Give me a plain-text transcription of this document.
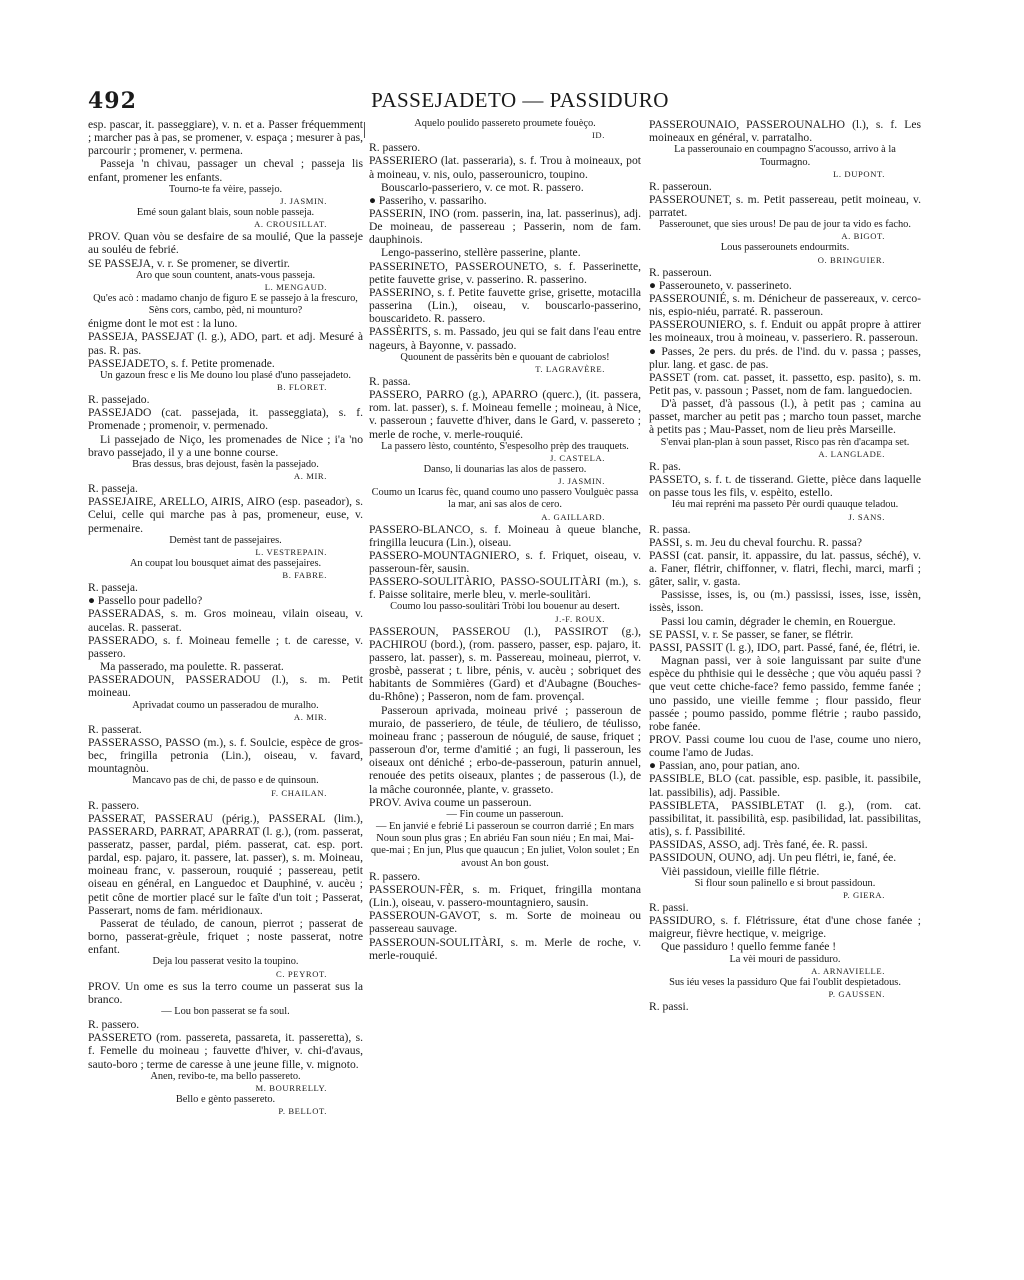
492	PASSEJADETO — PASSIDURO

esp. pascar, it. passeggiare), v. n. et a. Passer fréquemment ; marcher pas à pas, se promener, v. espaça ; mesurer à pas, parcourir ; promener, v. permena.

Passeja 'n chivau, passager un cheval ; passeja lis enfant, promener les enfants.

Tourno-te fa vèire, passejo.

J. JASMIN.

Emé soun galant blais, soun noble passeja.

A. CROUSILLAT.

PROV. Quan vòu se desfaire de sa moulié, Que la passeje au souléu de febrié.

SE PASSEJA, v. r. Se promener, se divertir.

Aro que soun countent, anats-vous passeja.

L. MENGAUD.

Qu'es acò : madamo chanjo de figuro E se passejo à la frescuro, Sèns cors, cambo, pèd, ni mounturo?

énigme dont le mot est : la luno.

PASSEJA, PASSEJAT (l. g.), ADO, part. et adj. Mesuré à pas. R. pas.

PASSEJADETO, s. f. Petite promenade.

Un gazoun fresc e lis Me douno lou plasé d'uno passejadeto.

B. FLORET.

R. passejado.

PASSEJADO (cat. passejada, it. passeggiata), s. f. Promenade ; promenoir, v. permenado.

Li passejado de Niço, les promenades de Nice ; i'a 'no bravo passejado, il y a une bonne course.

Bras dessus, bras dejoust, fasèn la passejado.

A. MIR.

R. passeja.

PASSEJAIRE, ARELLO, AIRIS, AIRO (esp. paseador), s. Celui, celle qui marche pas à pas, promeneur, euse, v. permenaire.

Demèst tant de passejaires.

L. VESTREPAIN.

An coupat lou bousquet aimat des passejaires.

B. FABRE.

R. passeja.

● Passello pour padello?

PASSERADAS, s. m. Gros moineau, vilain oiseau, v. aucelas. R. passerat.

PASSERADO, s. f. Moineau femelle ; t. de caresse, v. passero.

Ma passerado, ma poulette. R. passerat.

PASSERADOUN, PASSERADOU (l.), s. m. Petit moineau.

Aprivadat coumo un passeradou de muralho.

A. MIR.

R. passerat.

PASSERASSO, PASSO (m.), s. f. Soulcie, espèce de gros-bec, fringilla petronia (Lin.), oiseau, v. favard, mountagnòu.

Mancavo pas de chi, de passo e de quinsoun.

F. CHAILAN.

R. passero.

PASSERAT, PASSERAU (périg.), PASSERAL (lim.), PASSERARD, PARRAT, APARRAT (l. g.), (rom. passerat, passeratz, passer, pardal, piém. passerat, cat. esp. port. pardal, esp. pajaro, it. passere, lat. passer), s. m. Moineau, moineau franc, v. passeroun, rouquié ; passereau, petit oiseau en général, en Languedoc et Dauphiné, v. aucèu ; petit cône de mortier placé sur le faîte d'un toit ; Passerat, Passerart, noms de fam. méridionaux.

Passerat de téulado, de canoun, pierrot ; passerat de borno, passerat-grèule, friquet ; noste passerat, notre enfant.

Deja lou passerat vesito la toupino.

C. PEYROT.

PROV. Un ome es sus la terro coume un passerat sus la branco.

— Lou bon passerat se fa soul.

R. passero.

PASSERETO (rom. passereta, passareta, it. passeretta), s. f. Femelle du moineau ; fauvette d'hiver, v. chi-d'avaus, sauto-boro ; terme de caresse à une jeune fille, v. mignoto.

Anen, revibo-te, ma bello passereto.

M. BOURRELLY.

Bello e gènto passereto.

P. BELLOT.

Aquelo poulido passereto proumete fouèço.

ID.

R. passero.

PASSERIERO (lat. passeraria), s. f. Trou à moineaux, pot à moineau, v. nis, oulo, passerounicro, toupino.

Bouscarlo-passeriero, v. ce mot. R. passero.

● Passeriho, v. passariho.

PASSERIN, INO (rom. passerin, ina, lat. passerinus), adj. De moineau, de passereau ; Passerin, nom de fam. dauphinois.

Lengo-passerino, stellère passerine, plante.

PASSERINETO, PASSEROUNETO, s. f. Passerinette, petite fauvette grise, v. passerino. R. passerino.

PASSERINO, s. f. Petite fauvette grise, grisette, motacilla passerina (Lin.), oiseau, v. bouscarlo-passerino, bouscarideto. R. passero.

PASSÈRITS, s. m. Passado, jeu qui se fait dans l'eau entre nageurs, à Bayonne, v. passado.

Quounent de passèrits bèn e quouant de cabriolos!

T. LAGRAVÈRE.

R. passa.

PASSERO, PARRO (g.), APARRO (querc.), (it. passera, rom. lat. passer), s. f. Moineau femelle ; moineau, à Nice, v. passeroun ; fauvette d'hiver, dans le Gard, v. passereto ; merle de roche, v. merle-rouquié.

La passero lèsto, counténto, S'espesolho prèp des trauquets.

J. CASTELA.

Danso, li dounarias las alos de passero.

J. JASMIN.

Coumo un Icarus fèc, quand coumo uno passero Voulguèc passa la mar, ani sas alos de cero.

A. GAILLARD.

PASSERO-BLANCO, s. f. Moineau à queue blanche, fringilla leucura (Lin.), oiseau.

PASSERO-MOUNTAGNIERO, s. f. Friquet, oiseau, v. passeroun-fèr, sausin.

PASSERO-SOULITÀRIO, PASSO-SOULITÀRI (m.), s. f. Paisse solitaire, merle bleu, v. merle-soulitàri.

Coumo lou passo-soulitàri Tròbi lou bouenur au desert.

J.-F. ROUX.

PASSEROUN, PASSEROU (l.), PASSIROT (g.), PACHIROU (bord.), (rom. passero, passer, esp. pajaro, it. passero, lat. passer), s. m. Passereau, moineau, pierrot, v. grosbè, passerat ; t. libre, pénis, v. aucèu ; sobriquet des habitants de Sommières (Gard) et d'Aubagne (Bouches-du-Rhône) ; Passeron, nom de fam. provençal.

Passeroun aprivada, moineau privé ; passeroun de muraio, de passeriero, de téule, de téuliero, de téulisso, moineau franc ; passeroun de nóuguié, de sause, friquet ; passeroun d'or, terme d'amitié ; an fugi, li passeroun, les oiseaux ont déniché ; erbo-de-passeroun, paturin annuel, renouée des petits oiseaux, plantes ; de passerous (l.), de la mâche couronnée, plante, v. grasseto.

PROV. Aviva coume un passeroun.

— Fin coume un passeroun.

— En janvié e febrié Li passeroun se courron darrié ; En mars Noun soun plus gras ; En abriéu Fan soun niéu ; En mai, Mai-que-mai ; En jun, Plus que quaucun ; En juliet, Volon soulet ; En avoust An bon goust.

R. passero.

PASSEROUN-FÈR, s. m. Friquet, fringilla montana (Lin.), oiseau, v. passero-mountagniero, sausin.

PASSEROUN-GAVOT, s. m. Sorte de moineau ou passereau sauvage.

PASSEROUN-SOULITÀRI, s. m. Merle de roche, v. merle-rouquié.

PASSEROUNAIO, PASSEROUNALHO (l.), s. f. Les moineaux en général, v. parratalho.

La passerounaio en coumpagno S'acousso, arrivo à la Tourmagno.

L. DUPONT.

R. passeroun.

PASSEROUNET, s. m. Petit passereau, petit moineau, v. parratet.

Passerounet, que sies urous! De pau de jour ta vido es facho.

A. BIGOT.

Lous passerounets endourmits.

O. BRINGUIER.

R. passeroun.

● Passerouneto, v. passerineto.

PASSEROUNIÉ, s. m. Dénicheur de passereaux, v. cerco-nis, espio-niéu, parraté. R. passeroun.

PASSEROUNIERO, s. f. Enduit ou appât propre à attirer les moineaux, trou à moineau, v. passeriero. R. passeroun.

● Passes, 2e pers. du prés. de l'ind. du v. passa ; passes, plur. lang. et gasc. de pas.

PASSET (rom. cat. passet, it. passetto, esp. pasito), s. m. Petit pas, v. passoun ; Passet, nom de fam. languedocien.

D'à passet, d'à passous (l.), à petit pas ; camina au passet, marcher au petit pas ; marcho toun passet, marche à petits pas ; Mau-Passet, nom de lieu près Marseille.

S'envai plan-plan à soun passet, Risco pas rèn d'acampa set.

A. LANGLADE.

R. pas.

PASSETO, s. f. t. de tisserand. Giette, pièce dans laquelle on passe tous les fils, v. espèito, estello.

Iéu mai repréni ma passeto Pèr ourdi quauque teladou.

J. SANS.

R. passa.

PASSI, s. m. Jeu du cheval fourchu. R. passa?

PASSI (cat. pansir, it. appassire, du lat. passus, séché), v. a. Faner, flétrir, chiffonner, v. flatri, flechi, marci, marfi ; gâter, salir, v. gasta.

Passisse, isses, is, ou (m.) passissi, isses, isse, issèn, issès, isson.

Passi lou camin, dégrader le chemin, en Rouergue.

SE PASSI, v. r. Se passer, se faner, se flétrir.

PASSI, PASSIT (l. g.), IDO, part. Passé, fané, ée, flétri, ie.

Magnan passi, ver à soie languissant par suite d'une espèce du phthisie qui le dessèche ; que vòu aquéu passi ? que veut cette chiche-face? femo passido, femme fanée ; uno passido, une vieille femme ; flour passido, fleur passée ; poumo passido, pomme flétrie ; raubo passido, robe fanée.

PROV. Passi coume lou cuou de l'ase, coume uno niero, coume l'amo de Judas.

● Passian, ano, pour patian, ano.

PASSIBLE, BLO (cat. passible, esp. pasible, it. passibile, lat. passibilis), adj. Passible.

PASSIBLETA, PASSIBLETAT (l. g.), (rom. cat. passibilitat, it. passibilità, esp. pasibilidad, lat. passibilitas, atis), s. f. Passibilité.

PASSIDAS, ASSO, adj. Très fané, ée. R. passi.

PASSIDOUN, OUNO, adj. Un peu flétri, ie, fané, ée.

Vièi passidoun, vieille fille flétrie.

Si flour soun palinello e si brout passidoun.

P. GIERA.

R. passi.

PASSIDURO, s. f. Flétrissure, état d'une chose fanée ; maigreur, fièvre hectique, v. meigrige.

Que passiduro ! quello femme fanée !

La vèi mouri de passiduro.

A. ARNAVIELLE.

Sus iéu veses la passiduro Que fai l'oublit despietadous.

P. GAUSSEN.

R. passi.
